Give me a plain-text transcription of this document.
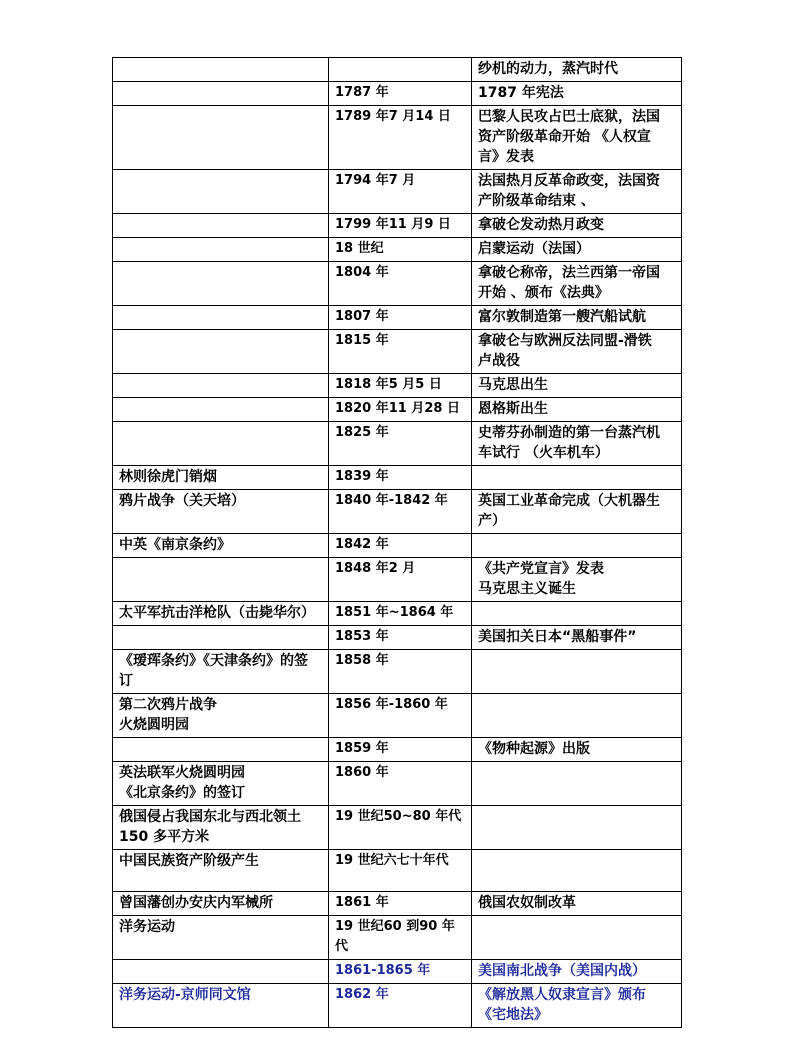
		纱机的动力，蒸汽时代

	1787 年	1787 年宪法

	1789 年7 月14 日	巴黎人民攻占巴士底狱，法国
资产阶级革命开始 《人权宣
言》发表

	1794 年7 月	法国热月反革命政变，法国资
产阶级革命结束 、

	1799 年11 月9 日	拿破仑发动热月政变

	18 世纪	启蒙运动（法国）

	1804 年	拿破仑称帝，法兰西第一帝国
开始 、颁布《法典》

	1807 年	富尔敦制造第一艘汽船试航

	1815 年	拿破仑与欧洲反法同盟-滑铁
卢战役

	1818 年5 月5 日	马克思出生

	1820 年11 月28 日	恩格斯出生

	1825 年	史蒂芬孙制造的第一台蒸汽机
车试行 （火车机车）

林则徐虎门销烟	1839 年	

鸦片战争（关天培）	1840 年-1842 年	英国工业革命完成（大机器生
产）

中英《南京条约》	1842 年	

	1848 年2 月	《共产党宣言》发表
马克思主义诞生

太平军抗击洋枪队（击毙华尔）	1851 年~1864 年	

	1853 年	美国扣关日本“黑船事件”

《瑷珲条约》《天津条约》的签
订	1858 年	

第二次鸦片战争
火烧圆明园	1856 年-1860 年	

	1859 年	《物种起源》出版

英法联军火烧圆明园
《北京条约》的签订	1860 年	

俄国侵占我国东北与西北领土
150 多平方米	19 世纪50~80 年代	

中国民族资产阶级产生	19 世纪六七十年代	

曾国藩创办安庆内军械所	1861 年	俄国农奴制改革

洋务运动	19 世纪60 到90 年
代	

	1861-1865 年	美国南北战争（美国内战）

洋务运动-京师同文馆	1862 年	《解放黑人奴隶宣言》颁布
《宅地法》
